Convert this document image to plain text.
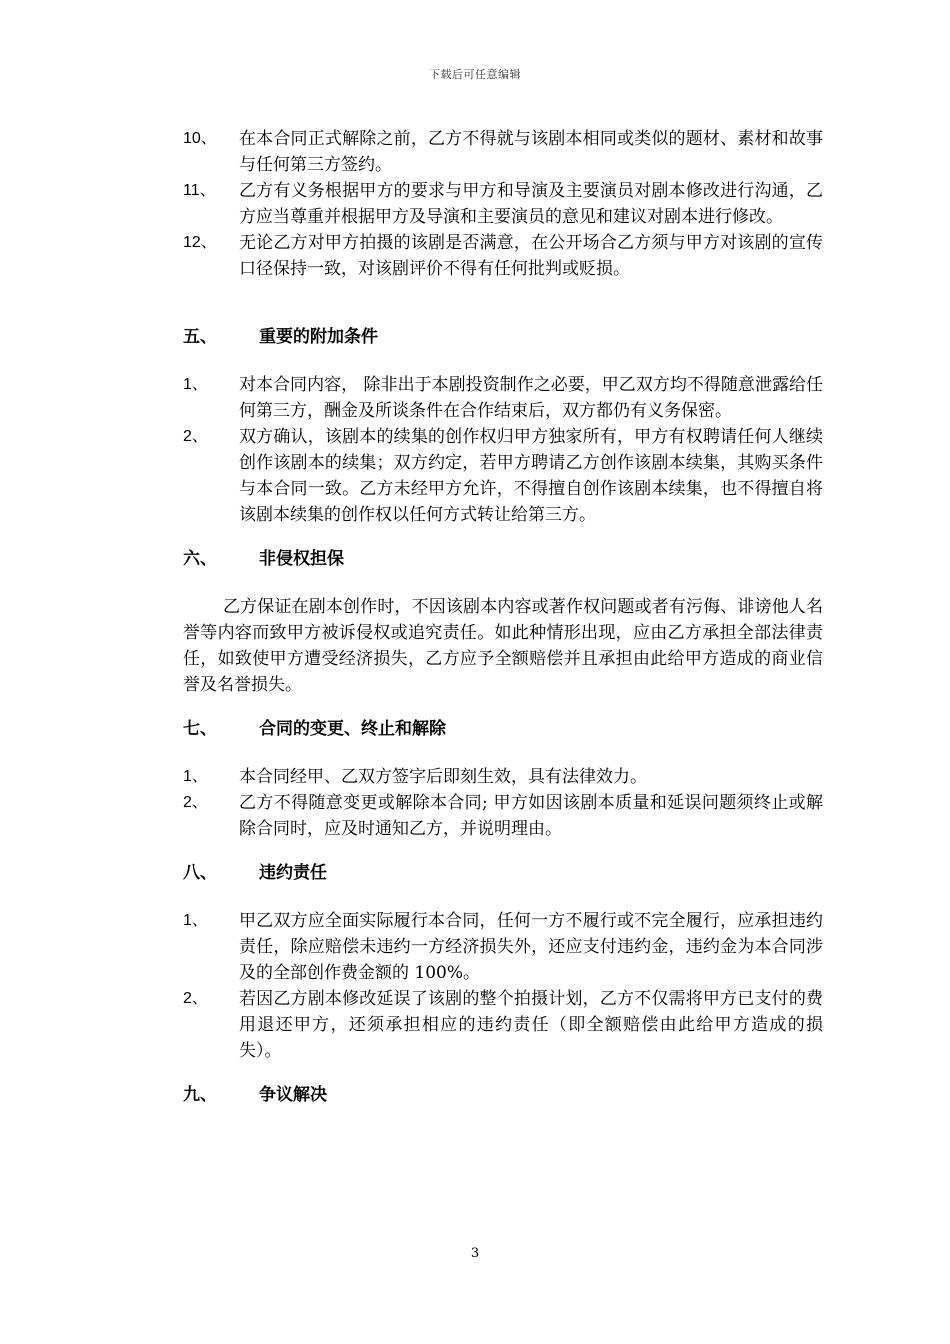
下载后可任意编辑
10、	在本合同正式解除之前，乙方不得就与该剧本相同或类似的题材、素材和故事与任何第三方签约。
11、	乙方有义务根据甲方的要求与甲方和导演及主要演员对剧本修改进行沟通，乙方应当尊重并根据甲方及导演和主要演员的意见和建议对剧本进行修改。
12、	无论乙方对甲方拍摄的该剧是否满意，在公开场合乙方须与甲方对该剧的宣传口径保持一致，对该剧评价不得有任何批判或贬损。
五、	重要的附加条件
1、	对本合同内容， 除非出于本剧投资制作之必要，甲乙双方均不得随意泄露给任何第三方，酬金及所谈条件在合作结束后，双方都仍有义务保密。
2、	双方确认，该剧本的续集的创作权归甲方独家所有，甲方有权聘请任何人继续创作该剧本的续集；双方约定，若甲方聘请乙方创作该剧本续集，其购买条件与本合同一致。乙方未经甲方允许，不得擅自创作该剧本续集，也不得擅自将该剧本续集的创作权以任何方式转让给第三方。
六、	非侵权担保
乙方保证在剧本创作时，不因该剧本内容或著作权问题或者有污侮、诽谤他人名誉等内容而致甲方被诉侵权或追究责任。如此种情形出现，应由乙方承担全部法律责任，如致使甲方遭受经济损失，乙方应予全额赔偿并且承担由此给甲方造成的商业信誉及名誉损失。
七、	合同的变更、终止和解除
1、	本合同经甲、乙双方签字后即刻生效，具有法律效力。
2、	乙方不得随意变更或解除本合同; 甲方如因该剧本质量和延误问题须终止或解除合同时，应及时通知乙方，并说明理由。
八、	违约责任
1、	甲乙双方应全面实际履行本合同，任何一方不履行或不完全履行，应承担违约责任，除应赔偿未违约一方经济损失外，还应支付违约金，违约金为本合同涉及的全部创作费金额的 100%。
2、	若因乙方剧本修改延误了该剧的整个拍摄计划，乙方不仅需将甲方已支付的费用退还甲方，还须承担相应的违约责任（即全额赔偿由此给甲方造成的损失）。
九、	争议解决
3
